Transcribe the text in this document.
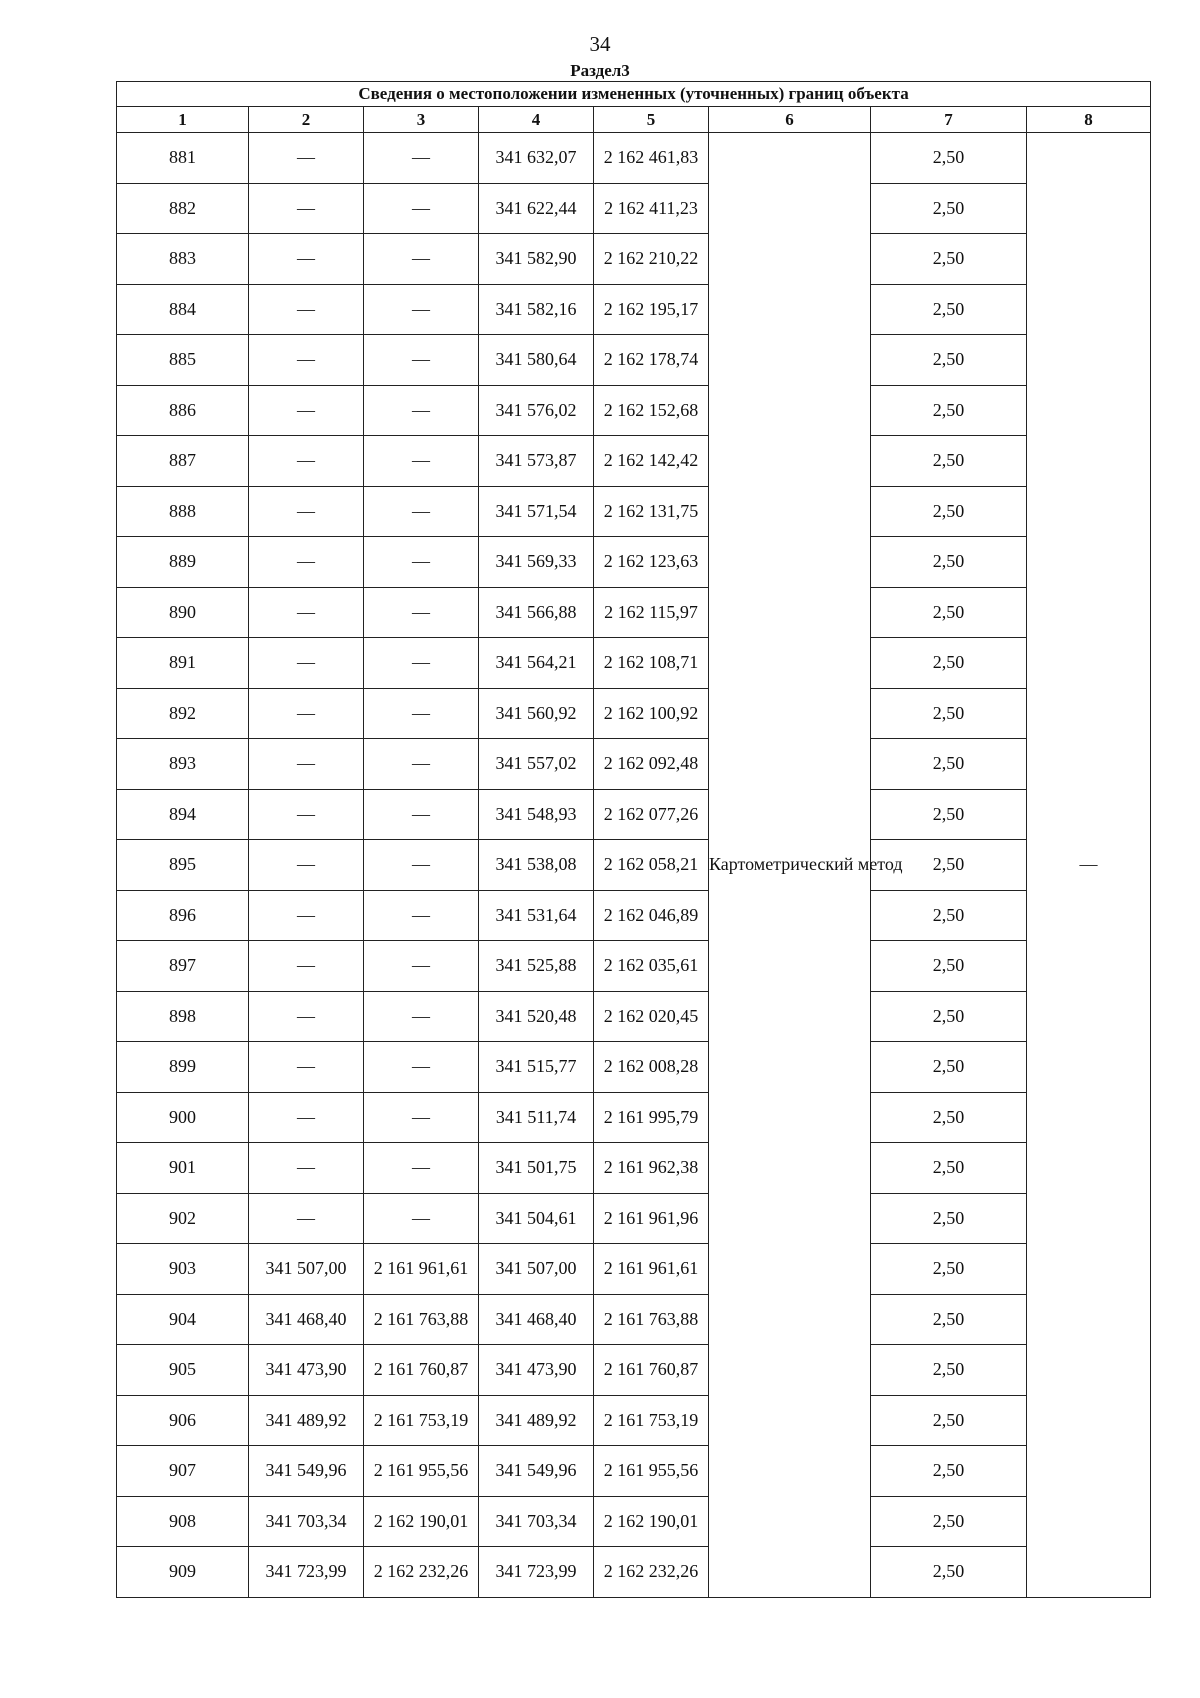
34
Раздел3
Сведения о местоположении измененных (уточненных) границ объекта							
1	2	3	4	5	6	7	8
881	—	—	341 632,07	2 162 461,83	Картометрический метод	2,50	—
882	—	—	341 622,44	2 162 411,23		2,50	
883	—	—	341 582,90	2 162 210,22		2,50	
884	—	—	341 582,16	2 162 195,17		2,50	
885	—	—	341 580,64	2 162 178,74		2,50	
886	—	—	341 576,02	2 162 152,68		2,50	
887	—	—	341 573,87	2 162 142,42		2,50	
888	—	—	341 571,54	2 162 131,75		2,50	
889	—	—	341 569,33	2 162 123,63		2,50	
890	—	—	341 566,88	2 162 115,97		2,50	
891	—	—	341 564,21	2 162 108,71		2,50	
892	—	—	341 560,92	2 162 100,92		2,50	
893	—	—	341 557,02	2 162 092,48		2,50	
894	—	—	341 548,93	2 162 077,26		2,50	
895	—	—	341 538,08	2 162 058,21		2,50	
896	—	—	341 531,64	2 162 046,89		2,50	
897	—	—	341 525,88	2 162 035,61		2,50	
898	—	—	341 520,48	2 162 020,45		2,50	
899	—	—	341 515,77	2 162 008,28		2,50	
900	—	—	341 511,74	2 161 995,79		2,50	
901	—	—	341 501,75	2 161 962,38		2,50	
902	—	—	341 504,61	2 161 961,96		2,50	
903	341 507,00	2 161 961,61	341 507,00	2 161 961,61		2,50	
904	341 468,40	2 161 763,88	341 468,40	2 161 763,88		2,50	
905	341 473,90	2 161 760,87	341 473,90	2 161 760,87		2,50	
906	341 489,92	2 161 753,19	341 489,92	2 161 753,19		2,50	
907	341 549,96	2 161 955,56	341 549,96	2 161 955,56		2,50	
908	341 703,34	2 162 190,01	341 703,34	2 162 190,01		2,50	
909	341 723,99	2 162 232,26	341 723,99	2 162 232,26		2,50	
